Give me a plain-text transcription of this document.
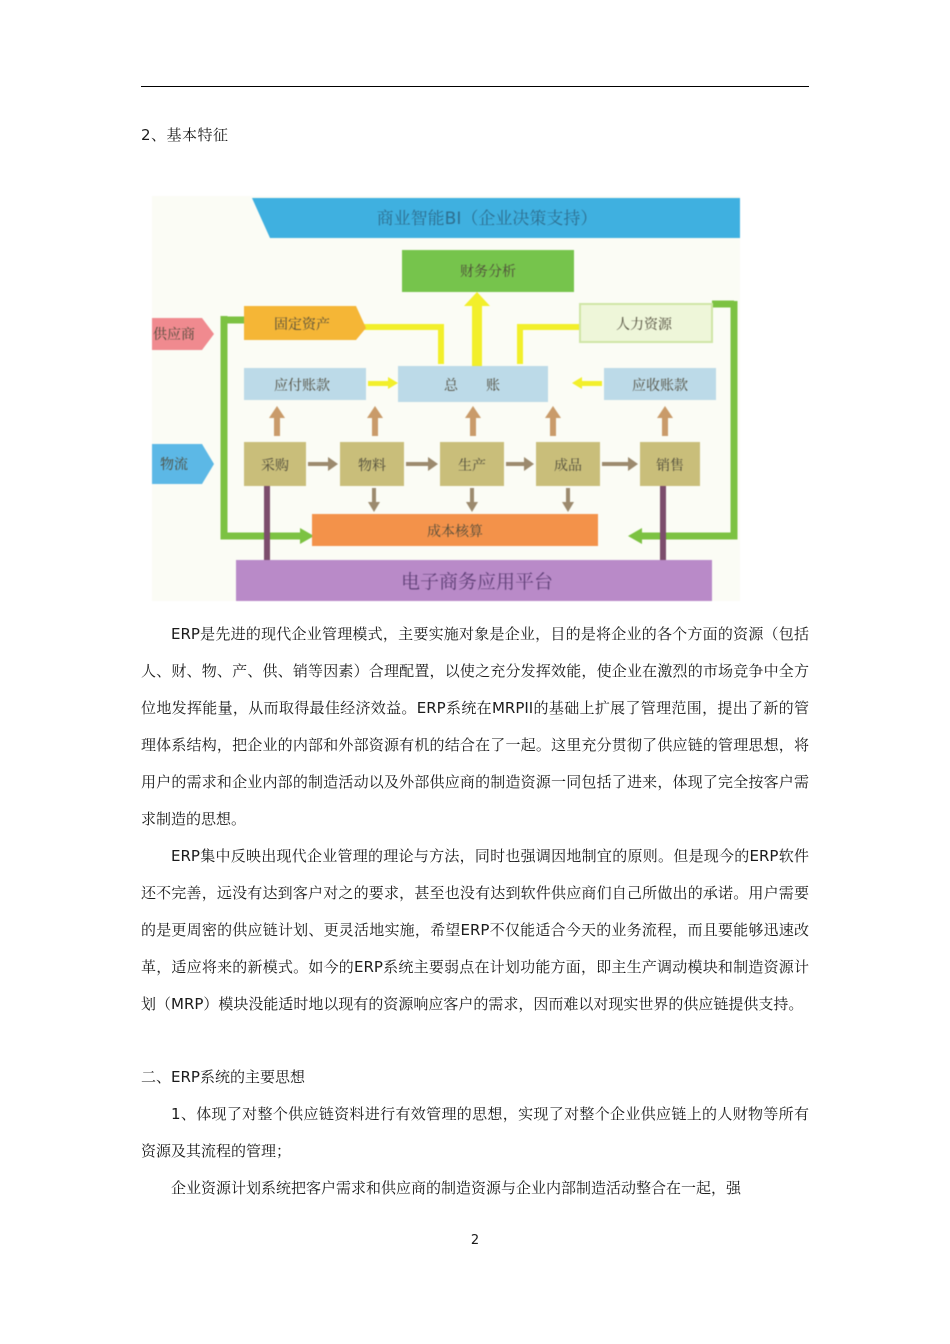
2、基本特征
商业智能BI（企业决策支持）
财务分析
固定资产	人力资源
应付账款	总　　账	应收账款
供应商
物流	采购	物料	生产	成品	销售
成本核算
电子商务应用平台

ERP是先进的现代企业管理模式，主要实施对象是企业，目的是将企业的各个方面的资源（包括人、财、物、产、供、销等因素）合理配置，以使之充分发挥效能，使企业在激烈的市场竞争中全方位地发挥能量，从而取得最佳经济效益。ERP系统在MRPII的基础上扩展了管理范围，提出了新的管理体系结构，把企业的内部和外部资源有机的结合在了一起。这里充分贯彻了供应链的管理思想，将用户的需求和企业内部的制造活动以及外部供应商的制造资源一同包括了进来，体现了完全按客户需求制造的思想。

ERP集中反映出现代企业管理的理论与方法，同时也强调因地制宜的原则。但是现今的ERP软件还不完善，远没有达到客户对之的要求，甚至也没有达到软件供应商们自己所做出的承诺。用户需要的是更周密的供应链计划、更灵活地实施，希望ERP不仅能适合今天的业务流程，而且要能够迅速改革，适应将来的新模式。如今的ERP系统主要弱点在计划功能方面，即主生产调动模块和制造资源计划（MRP）模块没能适时地以现有的资源响应客户的需求，因而难以对现实世界的供应链提供支持。

二、ERP系统的主要思想

1、体现了对整个供应链资料进行有效管理的思想，实现了对整个企业供应链上的人财物等所有资源及其流程的管理；

企业资源计划系统把客户需求和供应商的制造资源与企业内部制造活动整合在一起，强

2
